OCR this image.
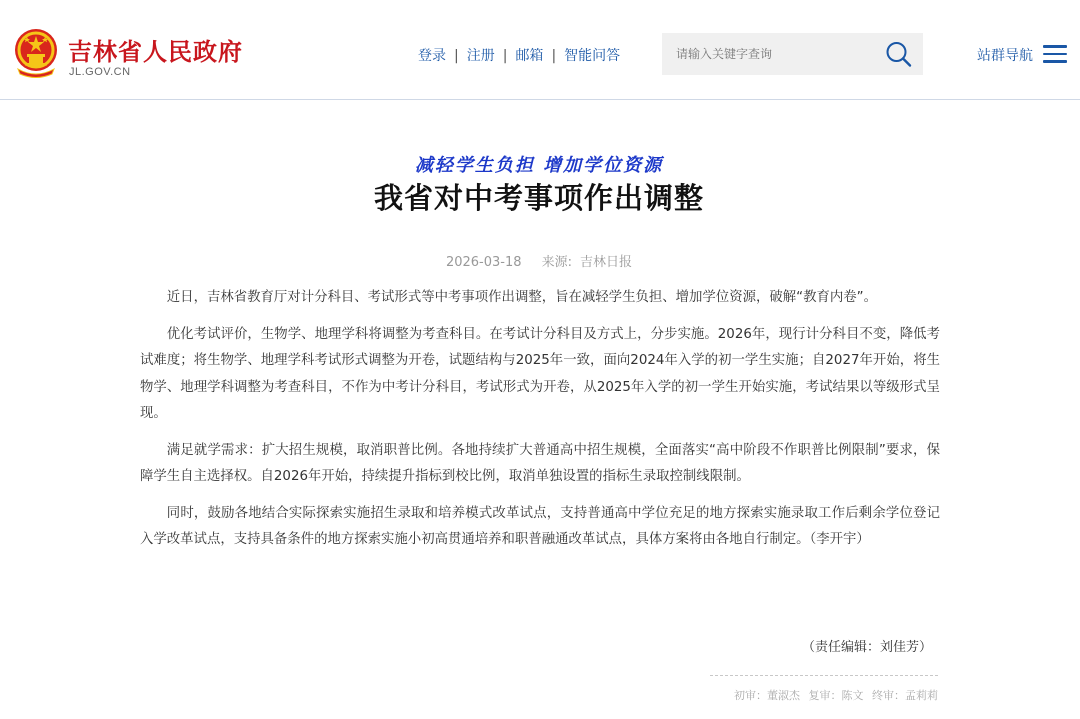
吉林省人民政府
JL.GOV.CN
登录 | 注册 | 邮箱 | 智能问答
请输入关键字查询	站群导航
减轻学生负担 增加学位资源
我省对中考事项作出调整
2026-03-18 来源: 吉林日报

近日，吉林省教育厅对计分科目、考试形式等中考事项作出调整，旨在减轻学生负担、增加学位资源，破解“教育内卷”。

优化考试评价，生物学、地理学科将调整为考查科目。在考试计分科目及方式上，分步实施。2026年，现行计分科目不变，降低考试难度；将生物学、地理学科考试形式调整为开卷，试题结构与2025年一致，面向2024年入学的初一学生实施；自2027年开始，将生物学、地理学科调整为考查科目，不作为中考计分科目，考试形式为开卷，从2025年入学的初一学生开始实施，考试结果以等级形式呈现。

满足就学需求：扩大招生规模，取消职普比例。各地持续扩大普通高中招生规模，全面落实“高中阶段不作职普比例限制”要求，保障学生自主选择权。自2026年开始，持续提升指标到校比例，取消单独设置的指标生录取控制线限制。

同时，鼓励各地结合实际探索实施招生录取和培养模式改革试点，支持普通高中学位充足的地方探索实施录取工作后剩余学位登记入学改革试点，支持具备条件的地方探索实施小初高贯通培养和职普融通改革试点，具体方案将由各地自行制定。（李开宇）

（责任编辑：刘佳芳）
初审：董淑杰 复审：陈文 终审：孟莉莉
